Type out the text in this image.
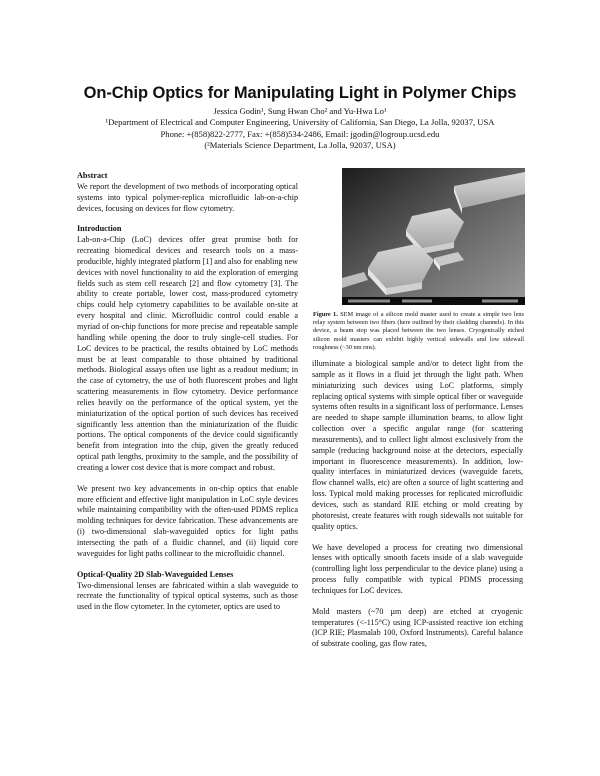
On-Chip Optics for Manipulating Light in Polymer Chips
Jessica Godin¹, Sung Hwan Cho² and Yu-Hwa Lo¹
¹Department of Electrical and Computer Engineering, University of California, San Diego, La Jolla, 92037, USA
Phone: +(858)822-2777, Fax: +(858)534-2486, Email: jgodin@logroup.ucsd.edu
(²Materials Science Department, La Jolla, 92037, USA)
Abstract

We report the development of two methods of incorporating optical systems into typical polymer-replica microfluidic lab-on-a-chip devices, focusing on devices for flow cytometry.

Introduction

Lab-on-a-Chip (LoC) devices offer great promise both for recreating biomedical devices and research tools on a mass-producible, highly integrated platform [1] and also for enabling new devices with novel functionality to aid the exploration of emerging fields such as stem cell research [2] and flow cytometry [3]. The ability to create portable, lower cost, mass-produced cytometry chips could help cytometry capabilities to be available on-site at every hospital and clinic. Microfluidic control could enable a myriad of on-chip functions for more precise and repeatable sample handling while opening the door to truly single-cell studies. For LoC devices to be practical, the results obtained by LoC methods must be at least comparable to those obtained by traditional methods. Biological assays often use light as a readout medium; in the case of cytometry, the use of both fluorescent probes and light scattering measurements in flow cytometry. Device performance relies heavily on the performance of the optical system, yet the miniaturization of the optical portion of such devices has received significantly less attention than the miniaturization of the fluidic portions. The optical components of the device could significantly benefit from integration into the chip, given the greatly reduced optical path lengths, proximity to the sample, and the possibility of creating a lower cost device that is more compact and robust.

We present two key advancements in on-chip optics that enable more efficient and effective light manipulation in LoC style devices while maintaining compatibility with the often-used PDMS replica molding techniques for device fabrication. These advancements are (i) two-dimensional slab-waveguided optics for light paths intersecting the path of a fluidic channel, and (ii) liquid core waveguides for light paths collinear to the microfluidic channel.

Optical-Quality 2D Slab-Waveguided Lenses

Two-dimensional lenses are fabricated within a slab waveguide to recreate the functionality of typical optical systems, such as those used in the flow cytometer. In the cytometer, optics are used to

Figure 1. SEM image of a silicon mold master used to create a simple two lens relay system between two fibers (here outlined by their cladding channels). In this device, a beam stop was placed between the two lenses. Cryogenically etched silicon mold masters can exhibit highly vertical sidewalls and low sidewall roughness (~30 nm rms).

illuminate a biological sample and/or to detect light from the sample as it flows in a fluid jet through the light path. When miniaturizing such devices using LoC platforms, simply replacing optical systems with simple optical fiber or waveguide systems often results in a significant loss of performance. Lenses are needed to shape sample illumination beams, to allow light collection over a specific angular range (for scattering measurements), and to collect light almost exclusively from the sample (reducing background noise at the detectors, especially important in fluorescence measurements). In addition, low-quality interfaces in miniaturized devices (waveguide facets, flow channel walls, etc) are often a source of light scattering and loss. Typical mold making processes for replicated microfluidic devices, such as standard RIE etching or mold creating by photoresist, create features with rough sidewalls not suitable for quality optics.

We have developed a process for creating two dimensional lenses with optically smooth facets inside of a slab waveguide (controlling light loss perpendicular to the device plane) using a process fully compatible with typical PDMS processing techniques for LoC devices.

Mold masters (~70 µm deep) are etched at cryogenic temperatures (<-115°C) using ICP-assisted reactive ion etching (ICP RIE; Plasmalab 100, Oxford Instruments). Careful balance of substrate cooling, gas flow rates,
